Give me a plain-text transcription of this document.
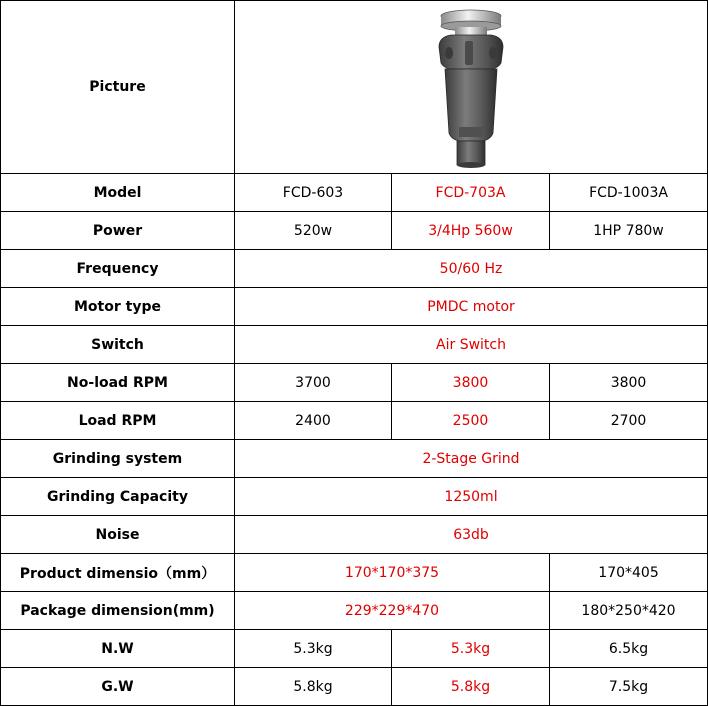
Picture	

Model	FCD-603	FCD-703A	FCD-1003A
Power	520w	3/4Hp 560w	1HP 780w
Frequency	50/60 Hz		
Motor type	PMDC motor		
Switch	Air Switch		
No-load RPM	3700	3800	3800
Load RPM	2400	2500	2700
Grinding system	2-Stage Grind		
Grinding Capacity	1250ml		
Noise	63db		
Product dimensio（mm）	170*170*375		170*405
Package dimension(mm)	229*229*470		180*250*420
N.W	5.3kg	5.3kg	6.5kg
G.W	5.8kg	5.8kg	7.5kg
